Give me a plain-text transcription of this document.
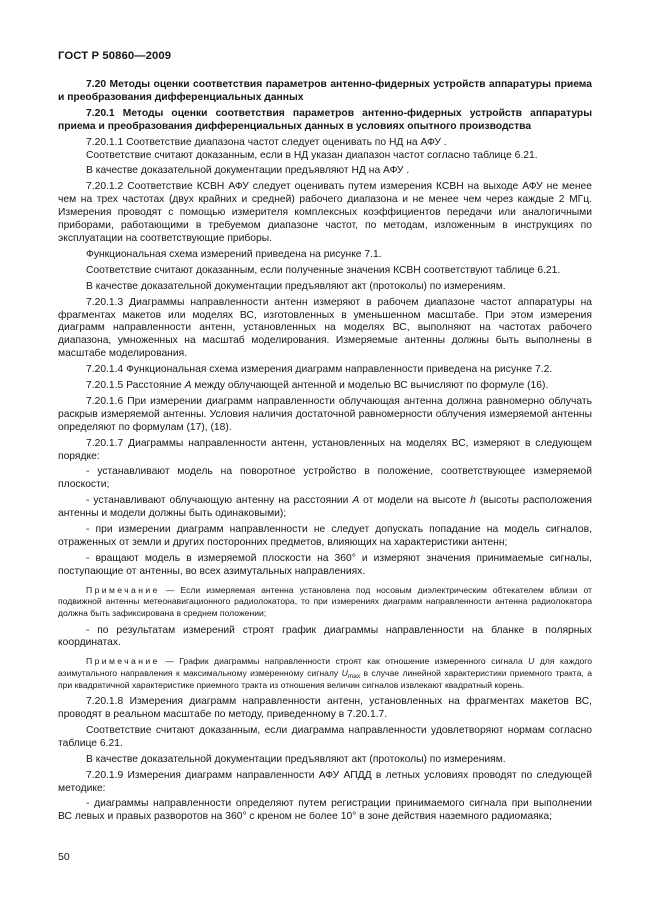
ГОСТ Р 50860—2009

7.20 Методы оценки соответствия параметров антенно-фидерных устройств аппаратуры приема и преобразования дифференциальных данных

7.20.1 Методы оценки соответствия параметров антенно-фидерных устройств аппаратуры приема и преобразования дифференциальных данных в условиях опытного производства

7.20.1.1 Соответствие диапазона частот следует оценивать по НД на АФУ .

Соответствие считают доказанным, если в НД указан диапазон частот согласно таблице 6.21.

В качестве доказательной документации предъявляют НД на АФУ .

7.20.1.2 Соответствие КСВН АФУ следует оценивать путем измерения КСВН на выходе АФУ не менее чем на трех частотах (двух крайних и средней) рабочего диапазона и не менее чем через каждые 2 МГц. Измерения проводят с помощью измерителя комплексных коэффициентов передачи или аналогичными приборами, работающими в требуемом диапазоне частот, по методам, изложенным в инструкциях по эксплуатации на соответствующие приборы.

Функциональная схема измерений приведена на рисунке 7.1.

Соответствие считают доказанным, если полученные значения КСВН соответствуют таблице 6.21.

В качестве доказательной документации предъявляют акт (протоколы) по измерениям.

7.20.1.3 Диаграммы направленности антенн измеряют в рабочем диапазоне частот аппаратуры на фрагментах макетов или моделях ВС, изготовленных в уменьшенном масштабе. При этом измерения диаграмм направленности антенн, установленных на моделях ВС, выполняют на частотах рабочего диапазона, умноженных на масштаб моделирования. Измеряемые антенны должны быть выполнены в масштабе моделирования.

7.20.1.4 Функциональная схема измерения диаграмм направленности приведена на рисунке 7.2.

7.20.1.5 Расстояние A между облучающей антенной и моделью ВС вычисляют по формуле (16).

7.20.1.6 При измерении диаграмм направленности облучающая антенна должна равномерно облучать раскрыв измеряемой антенны. Условия наличия достаточной равномерности облучения измеряемой антенны определяют по формулам (17), (18).

7.20.1.7 Диаграммы направленности антенн, установленных на моделях ВС, измеряют в следующем порядке:

- устанавливают модель на поворотное устройство в положение, соответствующее измеряемой плоскости;

- устанавливают облучающую антенну на расстоянии A от модели на высоте h (высоты расположения антенны и модели должны быть одинаковыми);

- при измерении диаграмм направленности не следует допускать попадание на модель сигналов, отраженных от земли и других посторонних предметов, влияющих на характеристики антенн;

- вращают модель в измеряемой плоскости на 360° и измеряют значения принимаемые сигналы, поступающие от антенны, во всех азимутальных направлениях.

Примечание — Если измеряемая антенна установлена под носовым диэлектрическим обтекателем вблизи от подвижной антенны метеонавигационного радиолокатора, то при измерениях диаграмм направленности антенна радиолокатора должна быть зафиксирована в среднем положении;

- по результатам измерений строят график диаграммы направленности на бланке в полярных координатах.

Примечание — График диаграммы направленности строят как отношение измеренного сигнала U для каждого азимутального направления к максимальному измеренному сигналу $U_{max}$ в случае линейной характеристики приемного тракта, а при квадратичной характеристике приемного тракта из отношения величин сигналов извлекают квадратный корень.

7.20.1.8 Измерения диаграмм направленности антенн, установленных на фрагментах макетов ВС, проводят в реальном масштабе по методу, приведенному в 7.20.1.7.

Соответствие считают доказанным, если диаграмма направленности удовлетворяют нормам согласно таблице 6.21.

В качестве доказательной документации предъявляют акт (протоколы) по измерениям.

7.20.1.9 Измерения диаграмм направленности АФУ АПДД в летных условиях проводят по следующей методике:

- диаграммы направленности определяют путем регистрации принимаемого сигнала при выполнении ВС левых и правых разворотов на 360° с креном не более 10° в зоне действия наземного радиомаяка;

50
